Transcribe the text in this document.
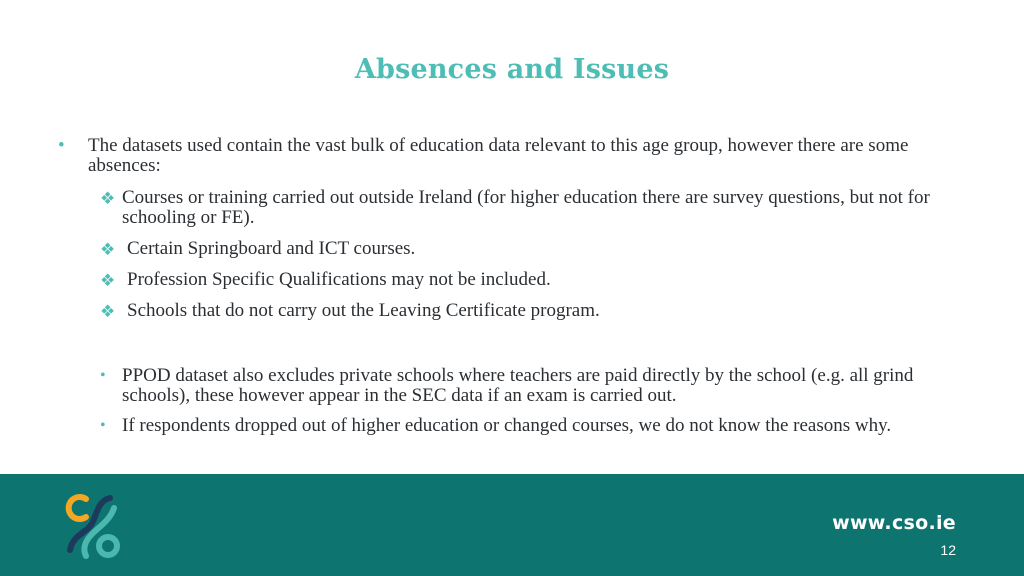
Absences and Issues
• The datasets used contain the vast bulk of education data relevant to this age group, however there are some absences:
❖ Courses or training carried out outside Ireland (for higher education there are survey questions, but not for schooling or FE).
❖ Certain Springboard and ICT courses.
❖ Profession Specific Qualifications may not be included.
❖ Schools that do not carry out the Leaving Certificate program.
• PPOD dataset also excludes private schools where teachers are paid directly by the school (e.g. all grind schools), these however appear in the SEC data if an exam is carried out.
• If respondents dropped out of higher education or changed courses, we do not know the reasons why.
www.cso.ie
12
